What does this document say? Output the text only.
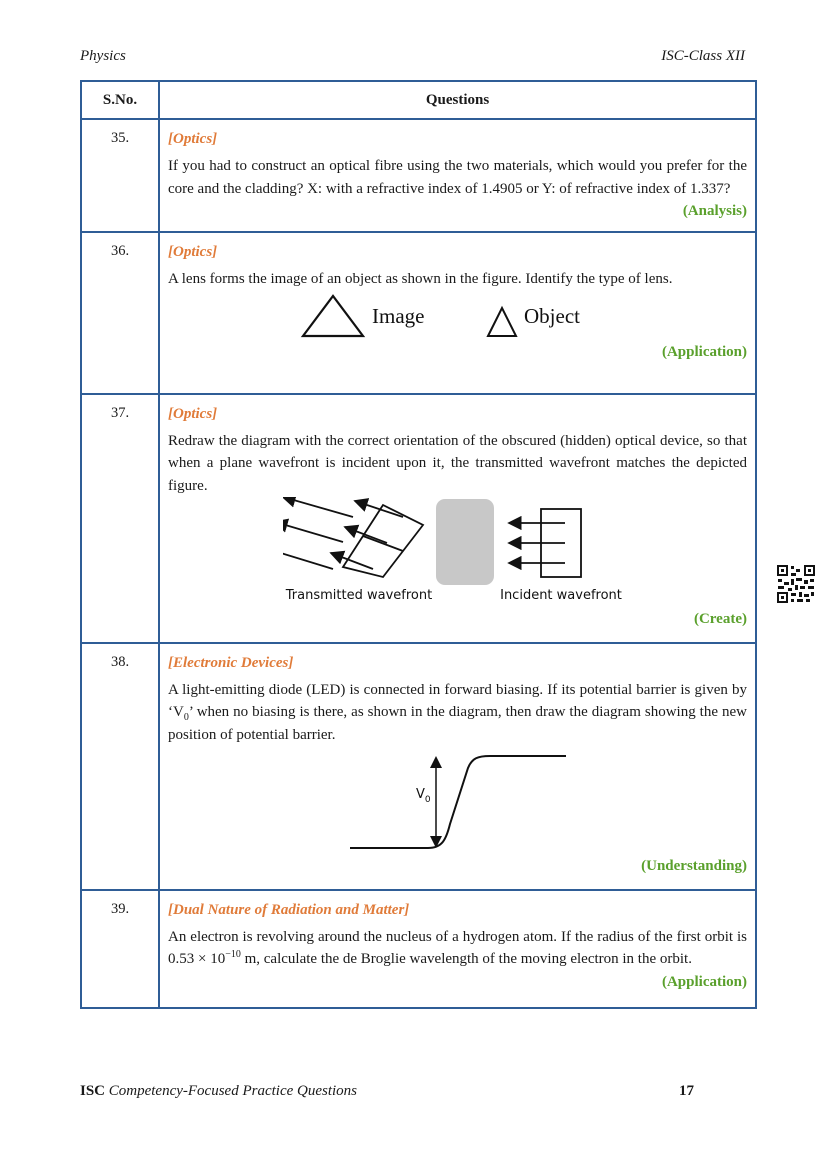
Physics	ISC-Class XII
S.No.	Questions
35.	[Optics]
If you had to construct an optical fibre using the two materials, which would you prefer for the core and the cladding? X: with a refractive index of 1.4905 or Y: of refractive index of 1.337?
(Analysis)

36.	[Optics]
A lens forms the image of an object as shown in the figure. Identify the type of lens.
Image Object
(Application)

37.	[Optics]
Redraw the diagram with the correct orientation of the obscured (hidden) optical device, so that when a plane wavefront is incident upon it, the transmitted wavefront matches the depicted figure.
Transmitted wavefront Incident wavefront
(Create)

38.	[Electronic Devices]
A light-emitting diode (LED) is connected in forward biasing. If its potential barrier is given by ‘$V_0$’ when no biasing is there, as shown in the diagram, then draw the diagram showing the new position of potential barrier.
$V_0$
(Understanding)

39.	[Dual Nature of Radiation and Matter]
An electron is revolving around the nucleus of a hydrogen atom. If the radius of the first orbit is $0.53 \times 10^{-10}$ m, calculate the de Broglie wavelength of the moving electron in the orbit.
(Application)
ISC Competency-Focused Practice Questions	17
